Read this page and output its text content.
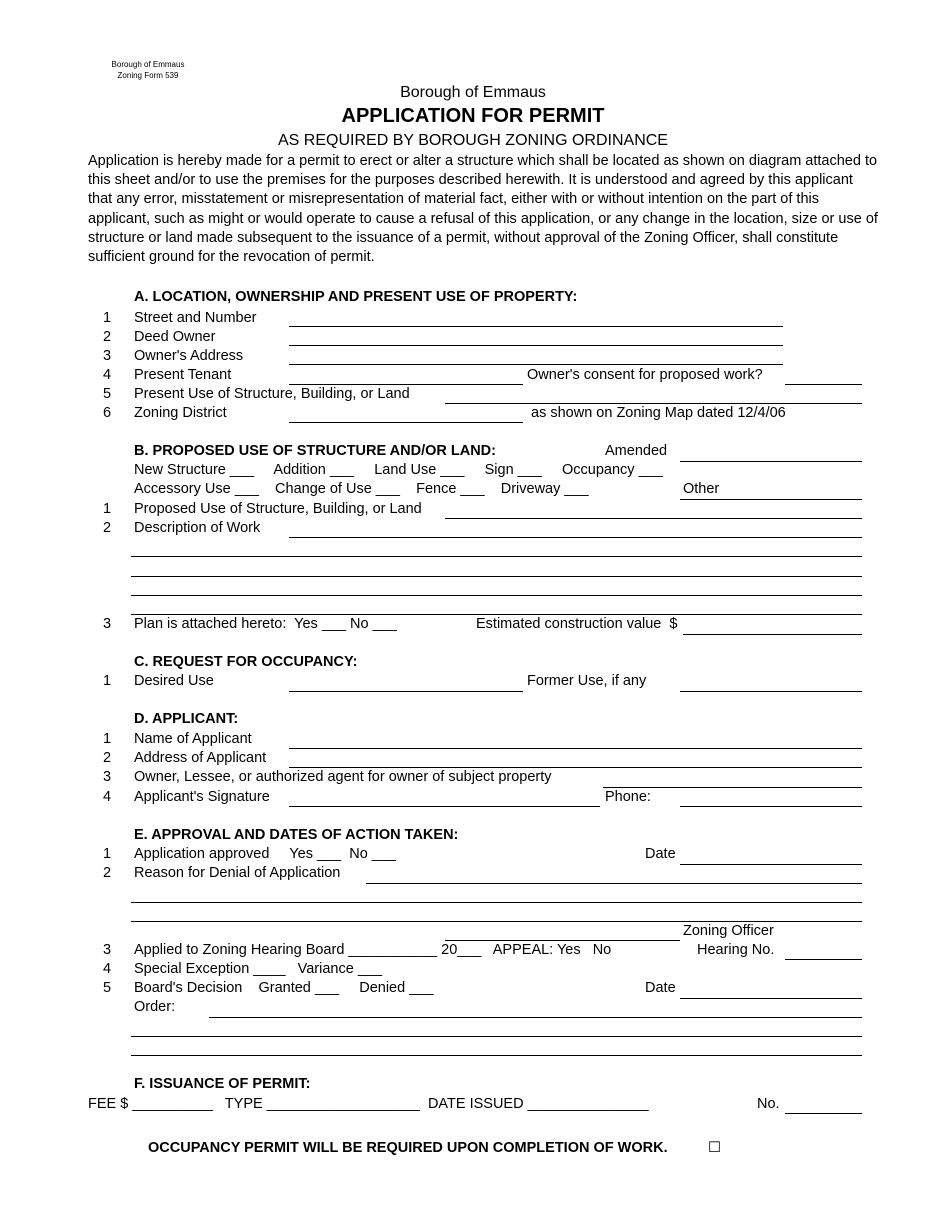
Borough of Emmaus
Zoning Form 539
Borough of Emmaus
APPLICATION FOR PERMIT
AS REQUIRED BY BOROUGH ZONING ORDINANCE
Application is hereby made for a permit to erect or alter a structure which shall be located as shown on diagram attached to this sheet and/or to use the premises for the purposes described herewith. It is understood and agreed by this applicant that any error, misstatement or misrepresentation of material fact, either with or without intention on the part of this applicant, such as might or would operate to cause a refusal of this application, or any change in the location, size or use of structure or land made subsequent to the issuance of a permit, without approval of the Zoning Officer, shall constitute sufficient ground for the revocation of permit.
A. LOCATION, OWNERSHIP AND PRESENT USE OF PROPERTY:
1 Street and Number
2 Deed Owner
3 Owner's Address
4 Present Tenant	Owner's consent for proposed work?
5 Present Use of Structure, Building, or Land
6 Zoning District	as shown on Zoning Map dated 12/4/06
B. PROPOSED USE OF STRUCTURE AND/OR LAND:	Amended
New Structure ___     Addition ___     Land Use ___     Sign ___     Occupancy ___
Accessory Use ___    Change of Use ___    Fence ___    Driveway ___	Other
1 Proposed Use of Structure, Building, or Land
2 Description of Work
3 Plan is attached hereto:  Yes ___ No ___	Estimated construction value  $
C. REQUEST FOR OCCUPANCY:
1 Desired Use	Former Use, if any
D. APPLICANT:
1 Name of Applicant
2 Address of Applicant
3 Owner, Lessee, or authorized agent for owner of subject property
4 Applicant's Signature	Phone:
E. APPROVAL AND DATES OF ACTION TAKEN:
1 Application approved     Yes ___  No ___	Date
2 Reason for Denial of Application
Zoning Officer
3 Applied to Zoning Hearing Board ___________ 20___   APPEAL: Yes   No	Hearing No.
4 Special Exception ____   Variance ___
5 Board's Decision    Granted ___     Denied ___	Date
Order:
F. ISSUANCE OF PERMIT:
FEE $ __________   TYPE ___________________  DATE ISSUED _______________	No.
OCCUPANCY PERMIT WILL BE REQUIRED UPON COMPLETION OF WORK.	☐
